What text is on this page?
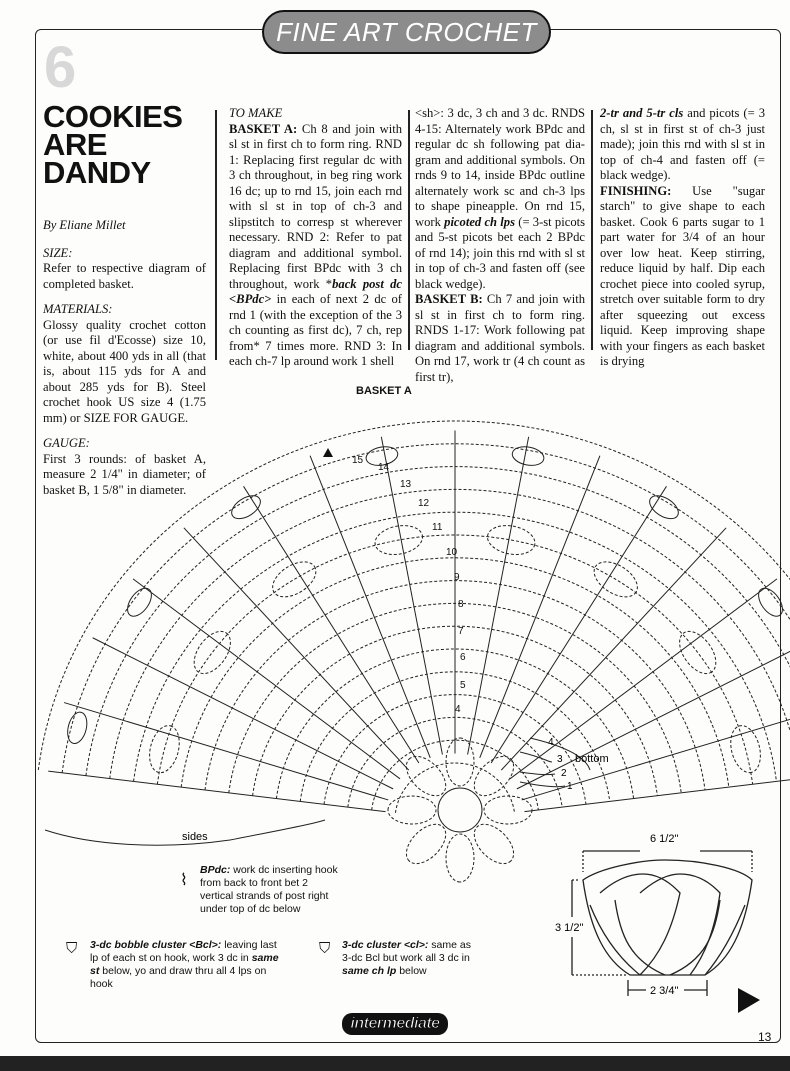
FINE ART CROCHET
6
COOKIES ARE DANDY

By Eliane Millet

SIZE:

Refer to respective diagram of completed basket.

MATERIALS:

Glossy quality crochet cotton (or use fil d'Ecosse) size 10, white, about 400 yds in all (that is, about 115 yds for A and about 285 yds for B). Steel crochet hook US size 4 (1.75 mm) or SIZE FOR GAUGE.

GAUGE:

First 3 rounds: of basket A, measure 2 1/4" in diameter; of basket B, 1 5/8" in diameter.

TO MAKE

BASKET A: Ch 8 and join with sl st in first ch to form ring. RND 1: Replacing first regular dc with 3 ch throughout, in beg ring work 16 dc; up to rnd 15, join each rnd with sl st in top of ch-3 and slipstitch to corresp st wherever necessary. RND 2: Refer to pat diagram and additional symbol. Replacing first BPdc with 3 ch throughout, work *back post dc <BPdc> in each of next 2 dc of rnd 1 (with the exception of the 3 ch counting as first dc), 7 ch, rep from* 7 times more. RND 3: In each ch-7 lp around work 1 shell

<sh>: 3 dc, 3 ch and 3 dc. RNDS 4-15: Alternately work BPdc and regular dc sh following pat dia-gram and additional symbols. On rnds 9 to 14, inside BPdc outline alternately work sc and ch-3 lps to shape pineapple. On rnd 15, work picoted ch lps (= 3-st picots and 5-st picots bet each 2 BPdc of rnd 14); join this rnd with sl st in top of ch-3 and fasten off (see black wedge).

BASKET B: Ch 7 and join with sl st in first ch to form ring. RNDS 1-17: Work following pat diagram and additional symbols. On rnd 17, work tr (4 ch count as first tr),

2-tr and 5-tr cls and picots (= 3 ch, sl st in first st of ch-3 just made); join this rnd with sl st in top of ch-4 and fasten off (= black wedge).

FINISHING: Use "sugar starch" to give shape to each basket. Cook 6 parts sugar to 1 part water for 3/4 of an hour over low heat. Keep stirring, reduce liquid by half. Dip each crochet piece into cooled syrup, stretch over suitable form to dry after squeezing out excess liquid. Keep improving shape with your fingers as each basket is drying

BASKET A
15
14
13
12
11
10
9
8
7
6
5
4
4
3
2
1
bottom
sides	6 1/2"
3 1/2"
2 3/4"
BPdc: work dc inserting hook from back to front bet 2 vertical strands of post right under top of dc below
⌇
⛉ 3-dc bobble cluster <Bcl>: leaving last lp of each st on hook, work 3 dc in same st below, yo and draw thru all 4 lps on hook
⛉ 3-dc cluster <cl>: same as 3-dc Bcl but work all 3 dc in same ch lp below
intermediate
13
